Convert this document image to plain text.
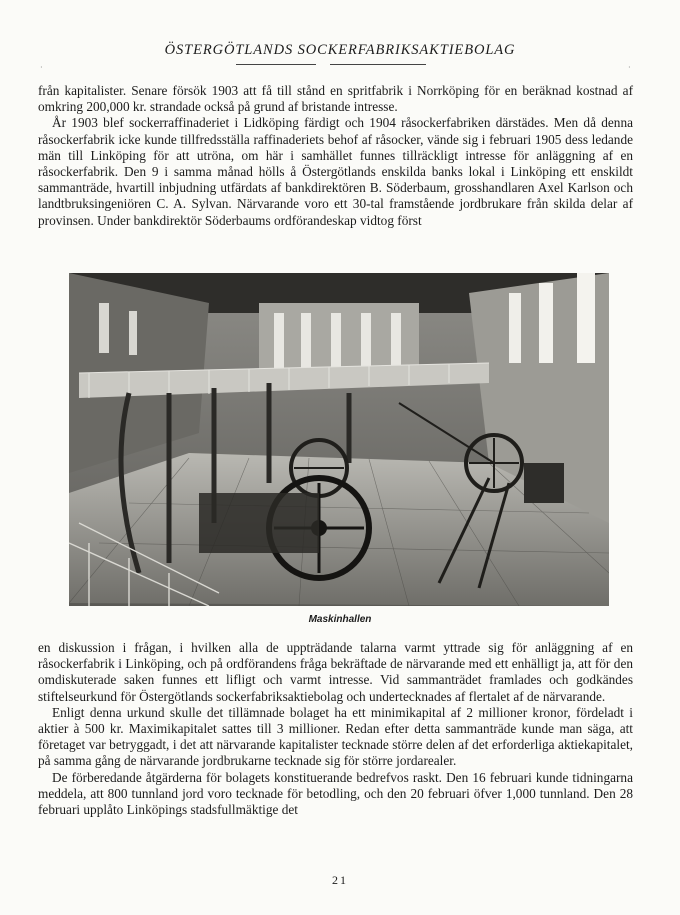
ÖSTERGÖTLANDS SOCKERFABRIKSAKTIEBOLAG
·	·

från kapitalister. Senare försök 1903 att få till stånd en spritfabrik i Norrköping för en beräknad kostnad af omkring 200,000 kr. strandade också på grund af bristande intresse.

År 1903 blef sockerraffinaderiet i Lidköping färdigt och 1904 råsockerfabriken därstädes. Men då denna råsockerfabrik icke kunde tillfredsställa raffinaderiets behof af råsocker, vände sig i februari 1905 dess ledande män till Linköping för att utröna, om här i samhället funnes tillräckligt intresse för anläggning af en råsockerfabrik. Den 9 i samma månad hölls å Östergötlands enskilda banks lokal i Linköping ett enskildt sammanträde, hvartill inbjudning utfärdats af bankdirektören B. Söderbaum, grosshandlaren Axel Karlson och landtbruksingeniören C. A. Sylvan. Närvarande voro ett 30-tal framstående jordbrukare från skilda delar af provinsen. Under bankdirektör Söderbaums ordförandeskap vidtog först

Maskinhallen

en diskussion i frågan, i hvilken alla de uppträdande talarna varmt yttrade sig för anläggning af en råsockerfabrik i Linköping, och på ordförandens fråga bekräftade de närvarande med ett enhälligt ja, att för den omdiskuterade saken funnes ett lifligt och varmt intresse. Vid sammanträdet framlades och godkändes stiftelseurkund för Östergötlands sockerfabriksaktiebolag och undertecknades af flertalet af de närvarande.

Enligt denna urkund skulle det tillämnade bolaget ha ett minimikapital af 2 millioner kronor, fördeladt i aktier à 500 kr. Maximikapitalet sattes till 3 millioner. Redan efter detta sammanträde kunde man säga, att företaget var betryggadt, i det att närvarande kapitalister tecknade större delen af det erforderliga aktiekapitalet, på samma gång de närvarande jordbrukarne tecknade sig för större jordarealer.

De förberedande åtgärderna för bolagets konstituerande bedrefvos raskt. Den 16 februari kunde tidningarna meddela, att 800 tunnland jord voro tecknade för betodling, och den 20 februari öfver 1,000 tunnland. Den 28 februari upplåto Linköpings stadsfullmäktige det

21
